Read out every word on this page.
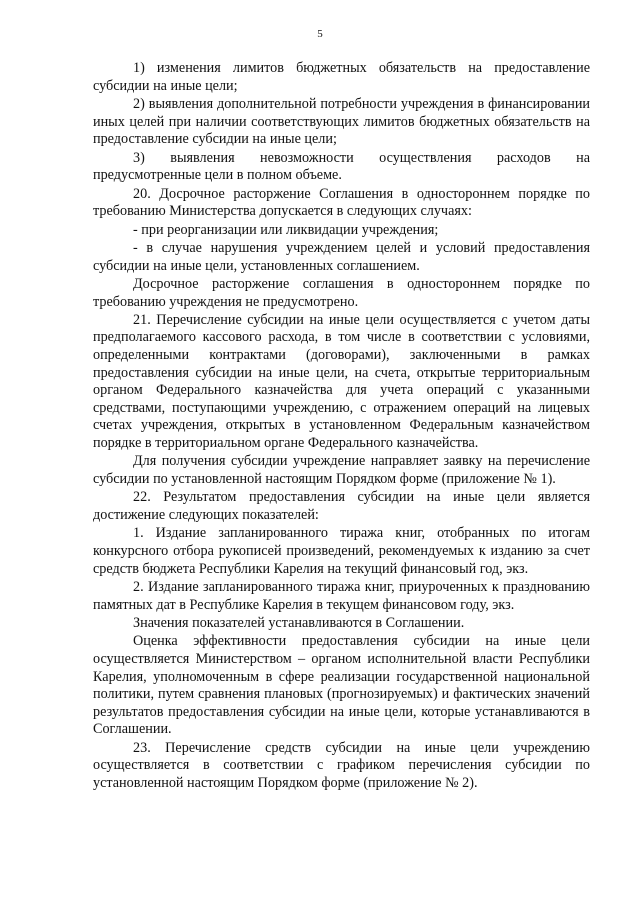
5

1) изменения лимитов бюджетных обязательств на предоставление субсидии на иные цели;

2) выявления дополнительной потребности учреждения в финансировании иных целей при наличии соответствующих лимитов бюджетных обязательств на предоставление субсидии на иные цели;

3) выявления невозможности осуществления расходов на предусмотренные цели в полном объеме.

20. Досрочное расторжение Соглашения в одностороннем порядке по требованию Министерства допускается в следующих случаях:

- при реорганизации или ликвидации учреждения;

- в случае нарушения учреждением целей и условий предоставления субсидии на иные цели, установленных соглашением.

Досрочное расторжение соглашения в одностороннем порядке по требованию учреждения не предусмотрено.

21. Перечисление субсидии на иные цели осуществляется с учетом даты предполагаемого кассового расхода, в том числе в соответствии с условиями, определенными контрактами (договорами), заключенными в рамках предоставления субсидии на иные цели, на счета, открытые территориальным органом Федерального казначейства для учета операций с указанными средствами, поступающими учреждению, с отражением операций на лицевых счетах учреждения, открытых в установленном Федеральным казначейством порядке в территориальном органе Федерального казначейства.

Для получения субсидии учреждение направляет заявку на перечисление субсидии по установленной настоящим Порядком форме (приложение № 1).

22. Результатом предоставления субсидии на иные цели является достижение следующих показателей:

1. Издание запланированного тиража книг, отобранных по итогам конкурсного отбора рукописей произведений, рекомендуемых к изданию за счет средств бюджета Республики Карелия на текущий финансовый год, экз.

2. Издание запланированного тиража книг, приуроченных к празднованию памятных дат в Республике Карелия в текущем финансовом году, экз.

Значения показателей устанавливаются в Соглашении.

Оценка эффективности предоставления субсидии на иные цели осуществляется Министерством – органом исполнительной власти Республики Карелия, уполномоченным в сфере реализации государственной национальной политики, путем сравнения плановых (прогнозируемых) и фактических значений результатов предоставления субсидии на иные цели, которые устанавливаются в Соглашении.

23. Перечисление средств субсидии на иные цели учреждению осуществляется в соответствии с графиком перечисления субсидии по установленной настоящим Порядком форме (приложение № 2).
